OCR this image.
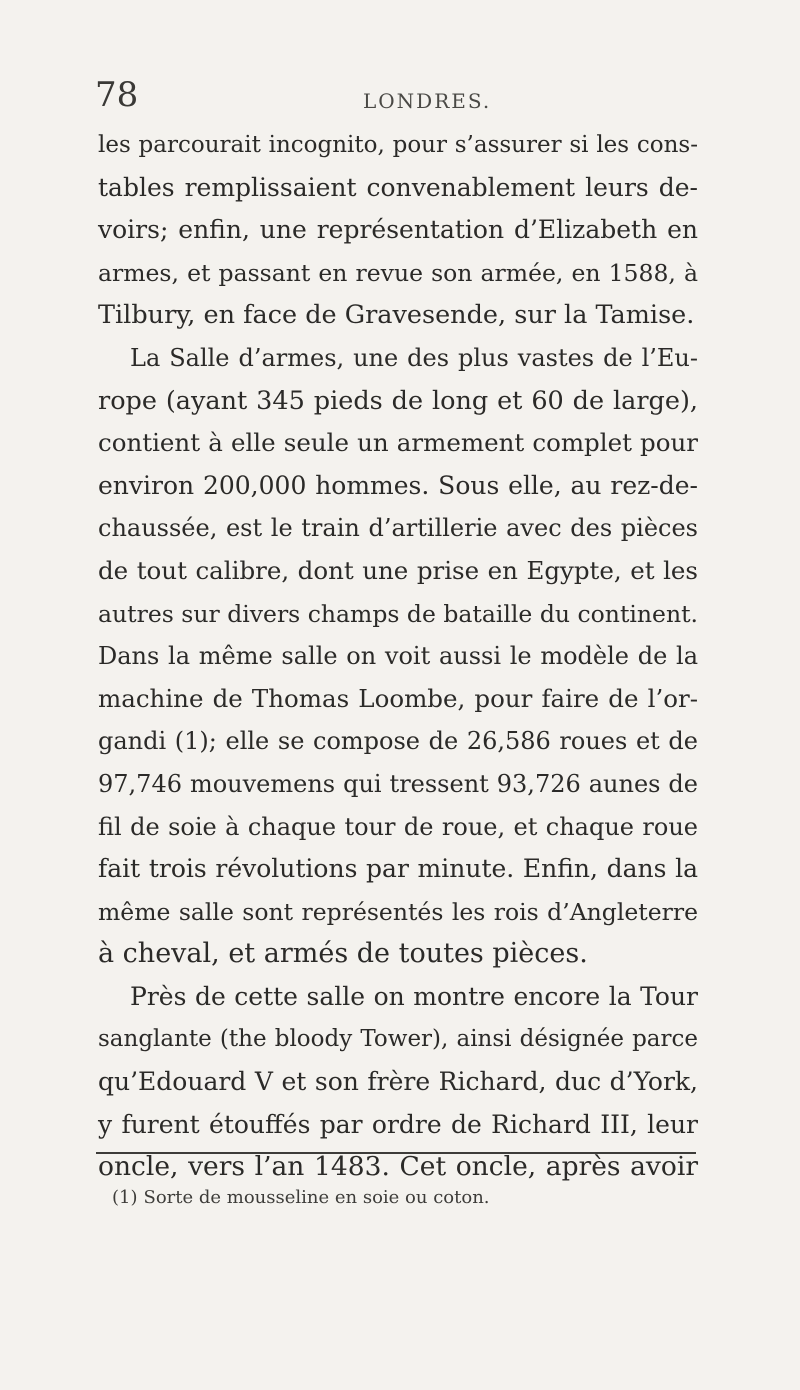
78	LONDRES.
les parcourait incognito, pour s’assurer si les cons-
tables remplissaient convenablement leurs de-
voirs; enfin, une représentation d’Elizabeth en
armes, et passant en revue son armée, en 1588, à
Tilbury, en face de Gravesende, sur la Tamise.
La Salle d’armes, une des plus vastes de l’Eu-
rope (ayant 345 pieds de long et 60 de large),
contient à elle seule un armement complet pour
environ 200,000 hommes. Sous elle, au rez-de-
chaussée, est le train d’artillerie avec des pièces
de tout calibre, dont une prise en Egypte, et les
autres sur divers champs de bataille du continent.
Dans la même salle on voit aussi le modèle de la
machine de Thomas Loombe, pour faire de l’or-
gandi (1); elle se compose de 26,586 roues et de
97,746 mouvemens qui tressent 93,726 aunes de
fil de soie à chaque tour de roue, et chaque roue
fait trois révolutions par minute. Enfin, dans la
même salle sont représentés les rois d’Angleterre
à cheval, et armés de toutes pièces.
Près de cette salle on montre encore la Tour
sanglante (the bloody Tower), ainsi désignée parce
qu’Edouard V et son frère Richard, duc d’York,
y furent étouffés par ordre de Richard III, leur
oncle, vers l’an 1483. Cet oncle, après avoir
(1) Sorte de mousseline en soie ou coton.
